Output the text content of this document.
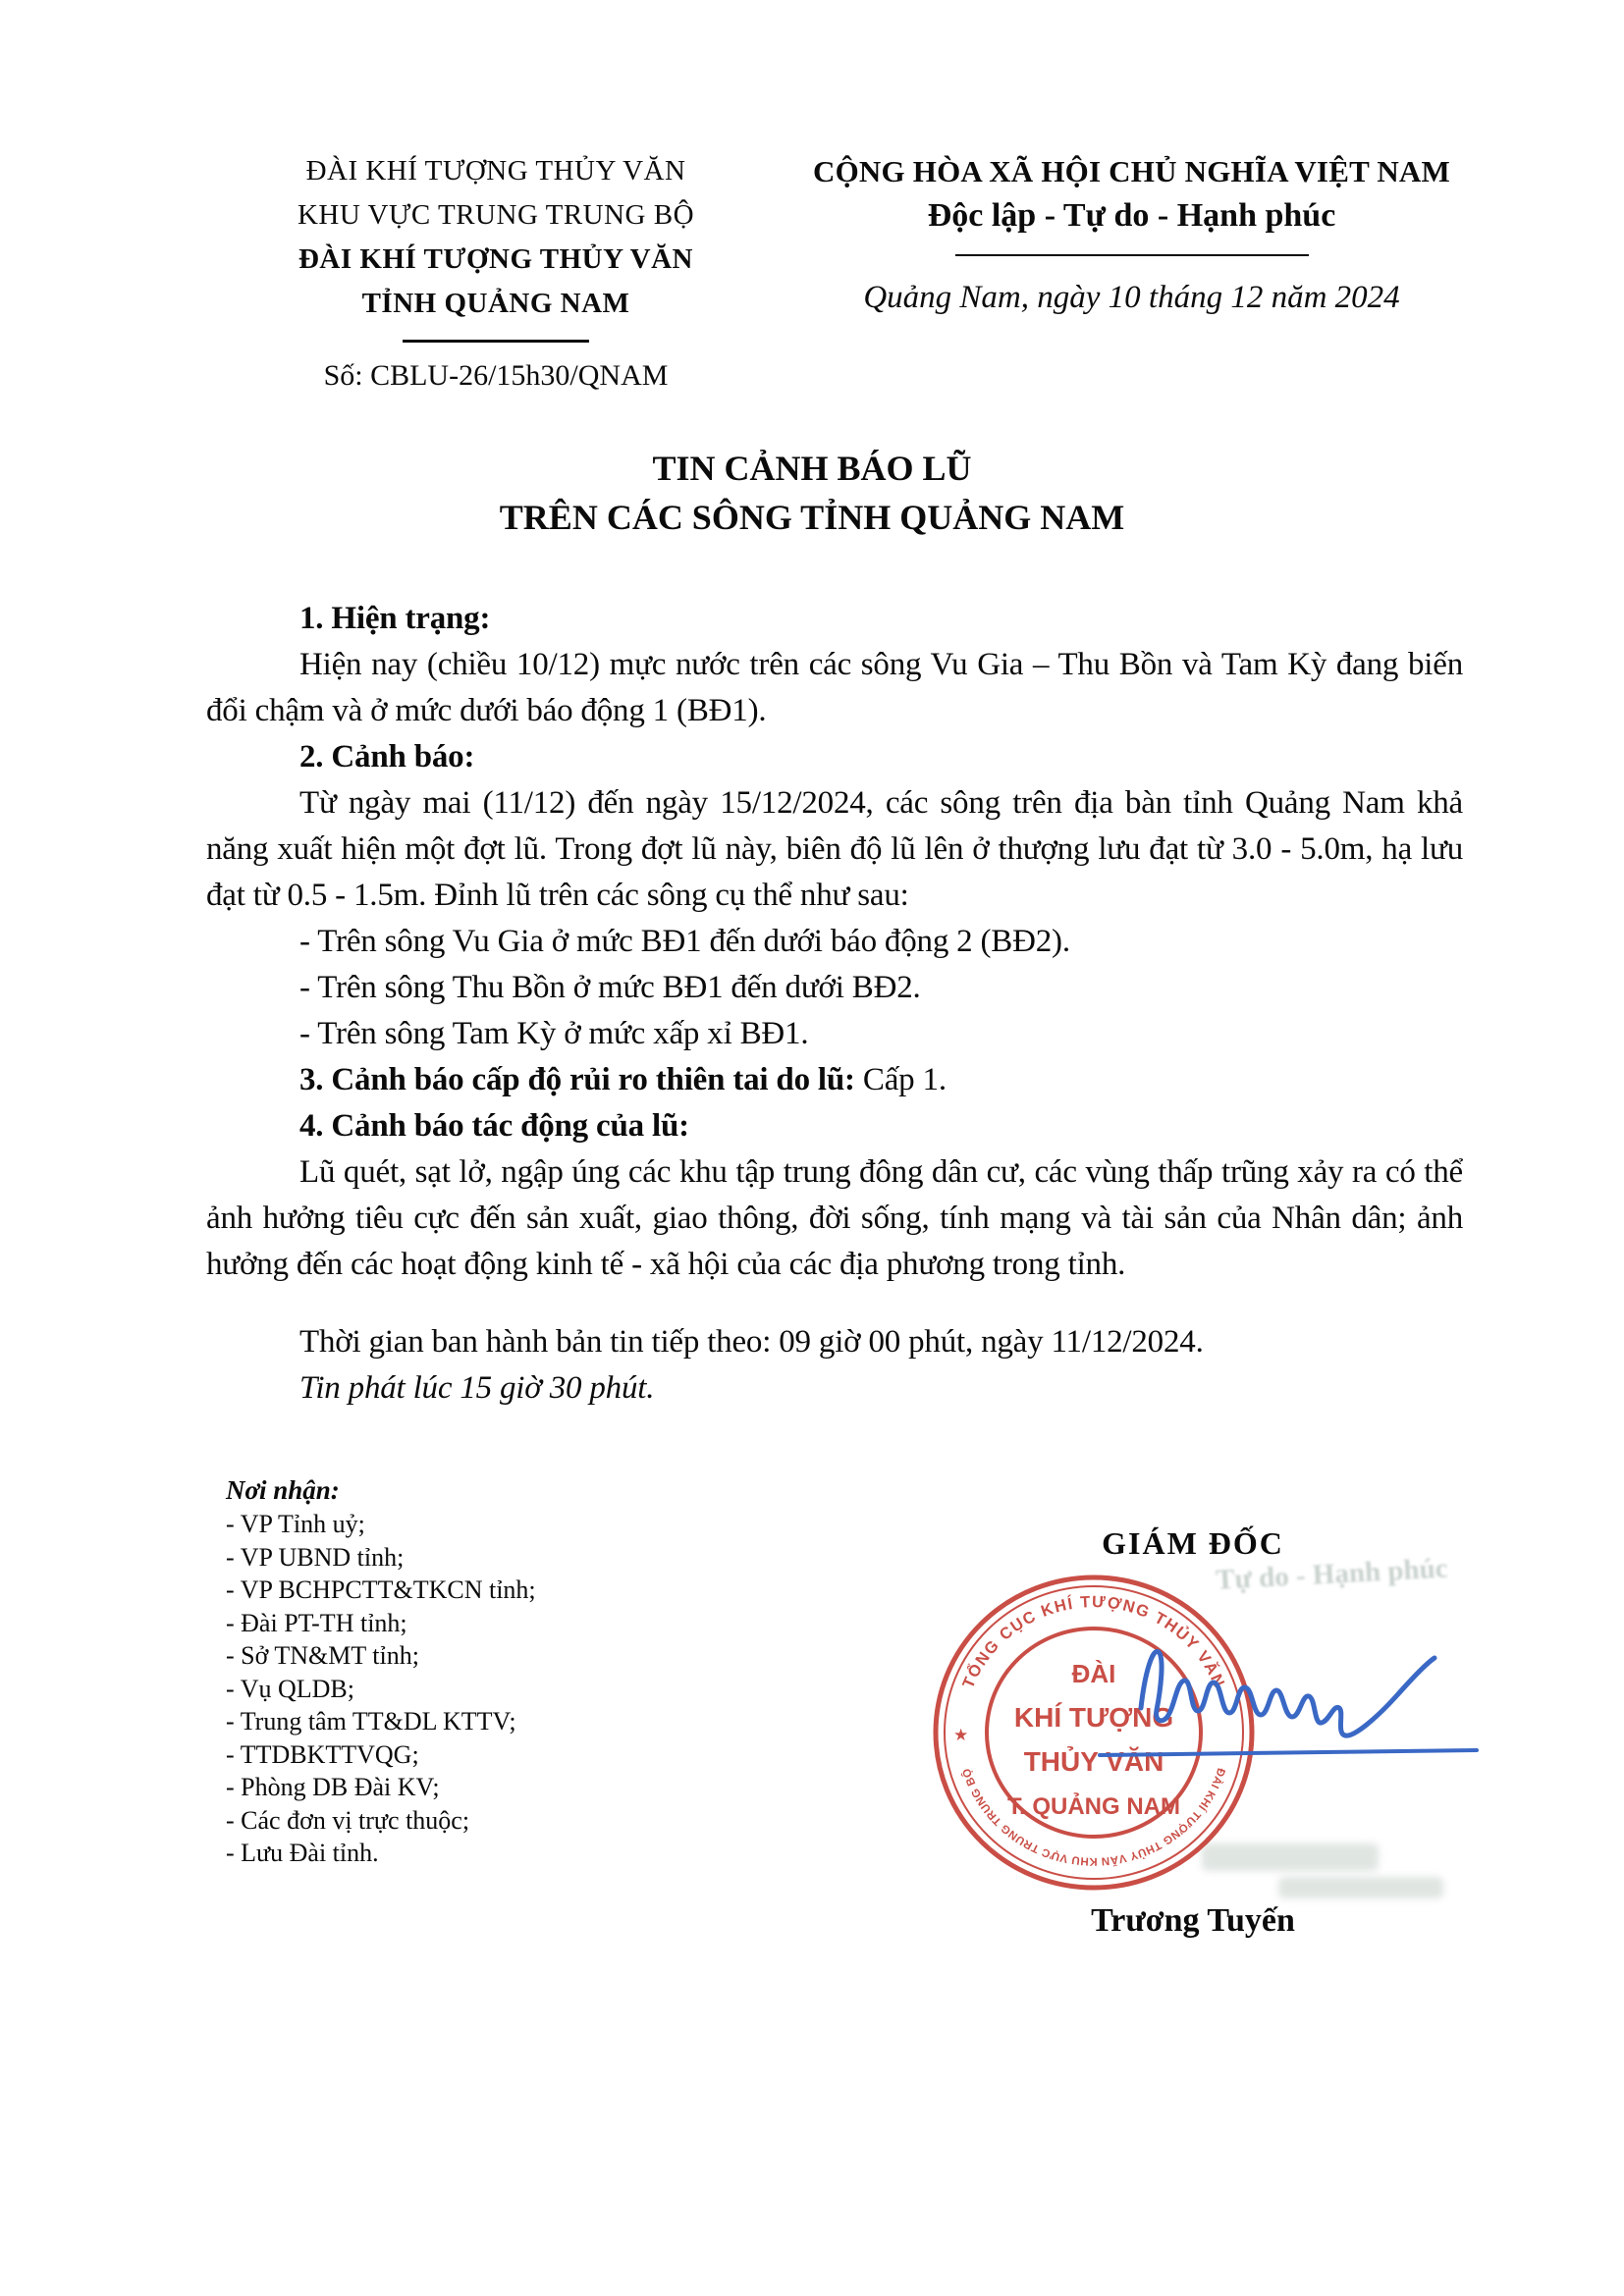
ĐÀI KHÍ TƯỢNG THỦY VĂN
KHU VỰC TRUNG TRUNG BỘ
ĐÀI KHÍ TƯỢNG THỦY VĂN
TỈNH QUẢNG NAM
Số: CBLU-26/15h30/QNAM
CỘNG HÒA XÃ HỘI CHỦ NGHĨA VIỆT NAM
Độc lập - Tự do - Hạnh phúc
Quảng Nam, ngày 10 tháng 12 năm 2024
TIN CẢNH BÁO LŨ
TRÊN CÁC SÔNG TỈNH QUẢNG NAM

1. Hiện trạng:

Hiện nay (chiều 10/12) mực nước trên các sông Vu Gia – Thu Bồn và Tam Kỳ đang biến đổi chậm và ở mức dưới báo động 1 (BĐ1).

2. Cảnh báo:

Từ ngày mai (11/12) đến ngày 15/12/2024, các sông trên địa bàn tỉnh Quảng Nam khả năng xuất hiện một đợt lũ. Trong đợt lũ này, biên độ lũ lên ở thượng lưu đạt từ 3.0 - 5.0m, hạ lưu đạt từ 0.5 - 1.5m. Đỉnh lũ trên các sông cụ thể như sau:

- Trên sông Vu Gia ở mức BĐ1 đến dưới báo động 2 (BĐ2).

- Trên sông Thu Bồn ở mức BĐ1 đến dưới BĐ2.

- Trên sông Tam Kỳ ở mức xấp xỉ BĐ1.

3. Cảnh báo cấp độ rủi ro thiên tai do lũ: Cấp 1.

4. Cảnh báo tác động của lũ:

Lũ quét, sạt lở, ngập úng các khu tập trung đông dân cư, các vùng thấp trũng xảy ra có thể ảnh hưởng tiêu cực đến sản xuất, giao thông, đời sống, tính mạng và tài sản của Nhân dân; ảnh hưởng đến các hoạt động kinh tế - xã hội của các địa phương trong tỉnh.

Thời gian ban hành bản tin tiếp theo: 09 giờ 00 phút, ngày 11/12/2024.

Tin phát lúc 15 giờ 30 phút.

Nơi nhận:
- VP Tỉnh uỷ;
- VP UBND tỉnh;
- VP BCHPCTT&TKCN tỉnh;
- Đài PT-TH tỉnh;
- Sở TN&MT tỉnh;
- Vụ QLDB;
- Trung tâm TT&DL KTTV;
- TTDBKTTVQG;
- Phòng DB Đài KV;
- Các đơn vị trực thuộc;
- Lưu Đài tỉnh.
GIÁM ĐỐC
Tự do - Hạnh phúc
TỔNG CỤC KHÍ TƯỢNG THỦY VĂN
ĐÀI KHÍ TƯỢNG THỦY VĂN KHU VỰC TRUNG TRUNG BỘ
★
ĐÀI
KHÍ TƯỢNG
THỦY VĂN
T. QUẢNG NAM
Trương Tuyến
